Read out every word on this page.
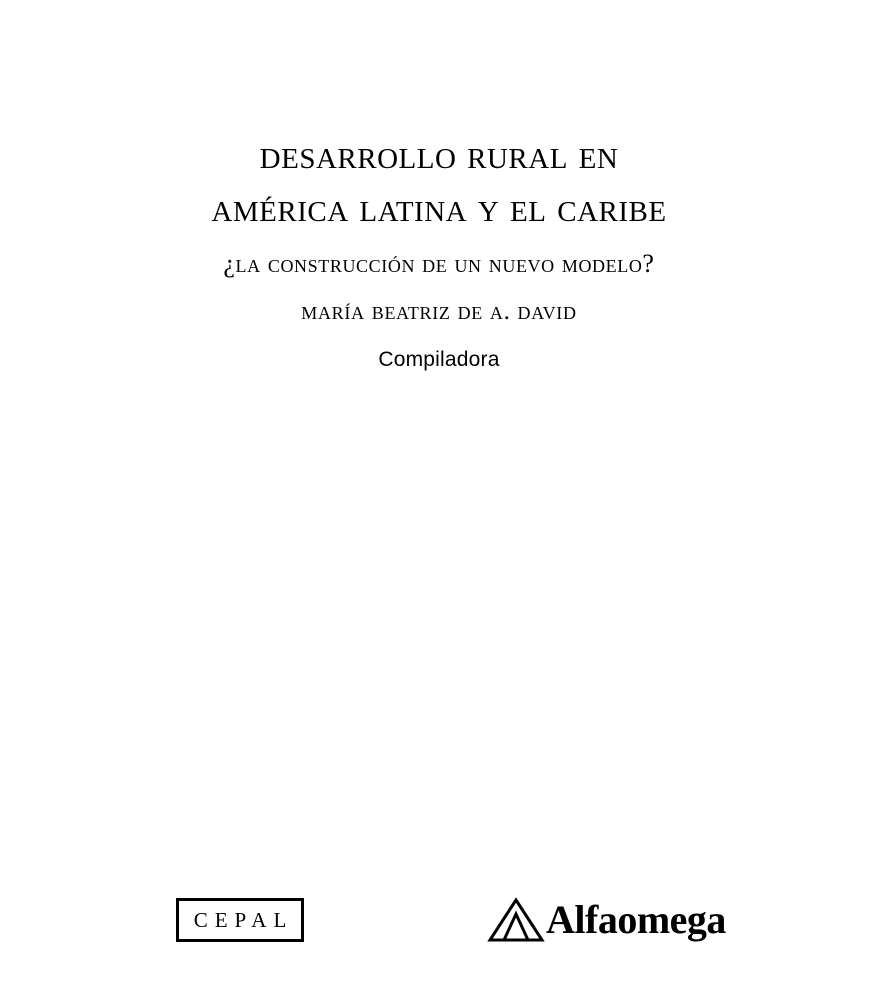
desarrollo rural en
américa latina y el caribe
¿la construcción de un nuevo modelo?
maría beatriz de a. david
Compiladora
CEPAL	Alfaomega
